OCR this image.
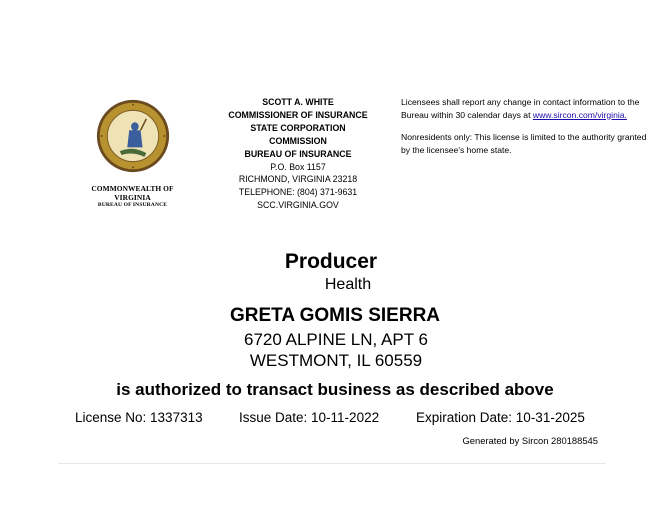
COMMONWEALTH OF
VIRGINIA
BUREAU OF INSURANCE
SCOTT A. WHITE
COMMISSIONER OF INSURANCE
STATE CORPORATION
COMMISSION
BUREAU OF INSURANCE
P.O. Box 1157
RICHMOND, VIRGINIA 23218
TELEPHONE: (804) 371-9631
SCC.VIRGINIA.GOV

Licensees shall report any change in contact information to the Bureau within 30 calendar days at www.sircon.com/virginia.

Nonresidents only: This license is limited to the authority granted by the licensee's home state.

Producer
Health
GRETA GOMIS SIERRA
6720 ALPINE LN, APT 6
WESTMONT, IL 60559
is authorized to transact business as described above
License No: 1337313	Issue Date: 10-11-2022	Expiration Date: 10-31-2025
Generated by Sircon 280188545
